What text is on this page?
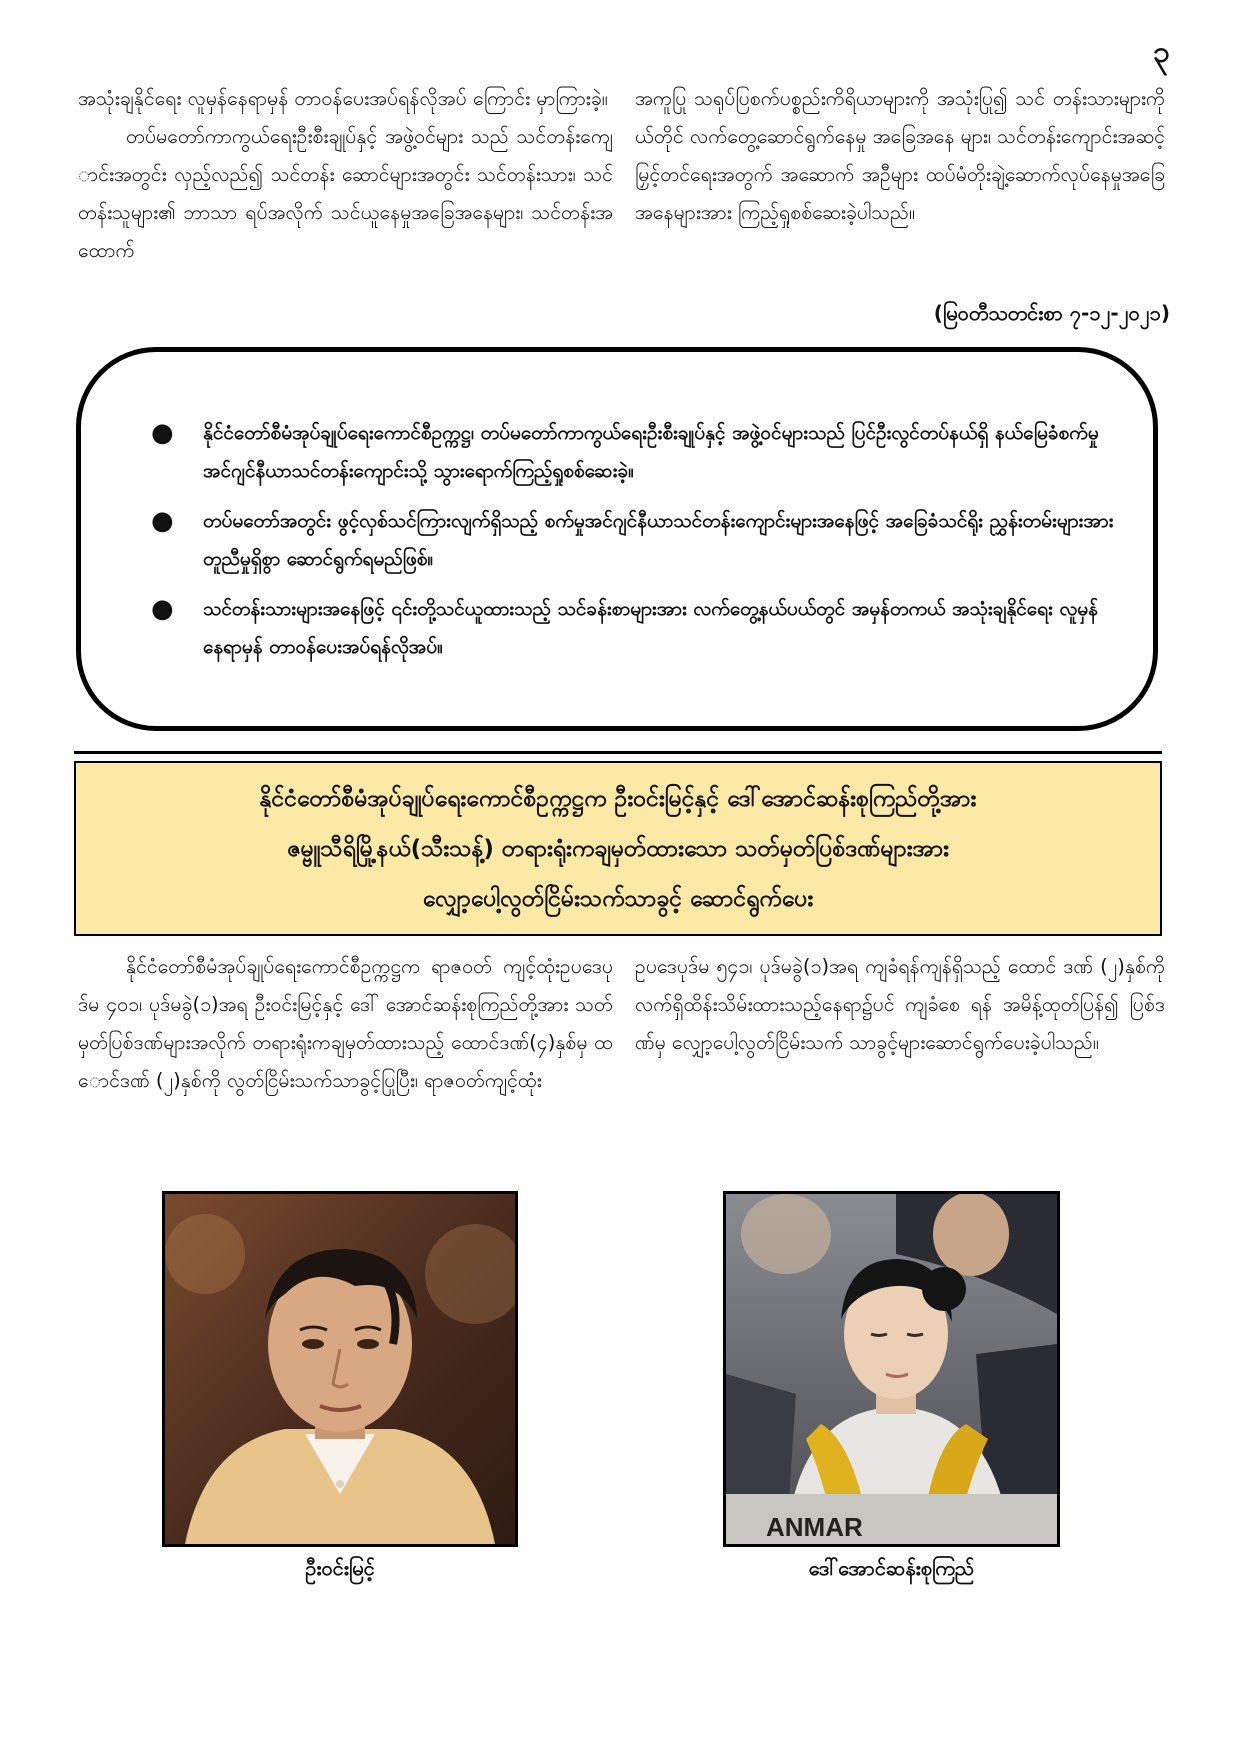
၃

အသုံးချနိုင်ရေး လူမှန်နေရာမှန် တာဝန်ပေးအပ်ရန်လိုအပ် ကြောင်း မှာကြားခဲ့။

တပ်မတော်ကာကွယ်ရေးဦးစီးချုပ်နှင့် အဖွဲ့ဝင်များ သည် သင်တန်းကျောင်းအတွင်း လှည့်လည်၍ သင်တန်း ဆောင်များအတွင်း သင်တန်းသား၊ သင်တန်းသူများ၏ ဘာသာ ရပ်အလိုက် သင်ယူနေမှုအခြေအနေများ၊ သင်တန်းအထောက်

အကူပြု သရုပ်ပြစက်ပစ္စည်းကိရိယာများကို အသုံးပြု၍ သင် တန်းသားများကိုယ်တိုင် လက်တွေ့ဆောင်ရွက်နေမှု အခြေအနေ များ၊ သင်တန်းကျောင်းအဆင့်မြှင့်တင်ရေးအတွက် အဆောက် အဦများ ထပ်မံတိုးချဲ့ဆောက်လုပ်နေမှုအခြေအနေများအား ကြည့်ရှုစစ်ဆေးခဲ့ပါသည်။

(မြဝတီသတင်းစာ ၇-၁၂-၂၀၂၁)
● နိုင်ငံတော်စီမံအုပ်ချုပ်ရေးကောင်စီဥက္ကဋ္ဌ၊ တပ်မတော်ကာကွယ်ရေးဦးစီးချုပ်နှင့် အဖွဲ့ဝင်များသည် ပြင်ဦးလွင်တပ်နယ်ရှိ နယ်မြေခံစက်မှုအင်ဂျင်နီယာသင်တန်းကျောင်းသို့ သွားရောက်ကြည့်ရှုစစ်ဆေးခဲ့။
● တပ်မတော်အတွင်း ဖွင့်လှစ်သင်ကြားလျက်ရှိသည့် စက်မှုအင်ဂျင်နီယာသင်တန်းကျောင်းများအနေဖြင့် အခြေခံသင်ရိုး ညွှန်းတမ်းများအား တူညီမှုရှိစွာ ဆောင်ရွက်ရမည်ဖြစ်။
● သင်တန်းသားများအနေဖြင့် ၎င်းတို့သင်ယူထားသည့် သင်ခန်းစာများအား လက်တွေ့နယ်ပယ်တွင် အမှန်တကယ် အသုံးချနိုင်ရေး လူမှန်နေရာမှန် တာဝန်ပေးအပ်ရန်လိုအပ်။
နိုင်ငံတော်စီမံအုပ်ချုပ်ရေးကောင်စီဥက္ကဋ္ဌက ဦးဝင်းမြင့်နှင့် ဒေါ်အောင်ဆန်းစုကြည်တို့အား
ဇမ္ဗူသီရိမြို့နယ်(သီးသန့်) တရားရုံးကချမှတ်ထားသော သတ်မှတ်ပြစ်ဒဏ်များအား
လျှော့ပေါ့လွတ်ငြိမ်းသက်သာခွင့် ဆောင်ရွက်ပေး

နိုင်ငံတော်စီမံအုပ်ချုပ်ရေးကောင်စီဥက္ကဋ္ဌက ရာဇဝတ် ကျင့်ထုံးဥပဒေပုဒ်မ ၄၀၁၊ ပုဒ်မခွဲ(၁)အရ ဦးဝင်းမြင့်နှင့် ဒေါ် အောင်ဆန်းစုကြည်တို့အား သတ်မှတ်ပြစ်ဒဏ်များအလိုက် တရားရုံးကချမှတ်ထားသည့် ထောင်ဒဏ်(၄)နှစ်မှ ထောင်ဒဏ် (၂)နှစ်ကို လွတ်ငြိမ်းသက်သာခွင့်ပြုပြီး၊ ရာဇဝတ်ကျင့်ထုံး

ဥပဒေပုဒ်မ ၅၄၁၊ ပုဒ်မခွဲ(၁)အရ ကျခံရန်ကျန်ရှိသည့် ထောင် ဒဏ် (၂)နှစ်ကို လက်ရှိထိန်းသိမ်းထားသည့်နေရာ၌ပင် ကျခံစေ ရန် အမိန့်ထုတ်ပြန်၍ ပြစ်ဒဏ်မှ လျှော့ပေါ့လွတ်ငြိမ်းသက် သာခွင့်များဆောင်ရွက်ပေးခဲ့ပါသည်။

ANMAR
ဦးဝင်းမြင့်	ဒေါ်အောင်ဆန်းစုကြည်
